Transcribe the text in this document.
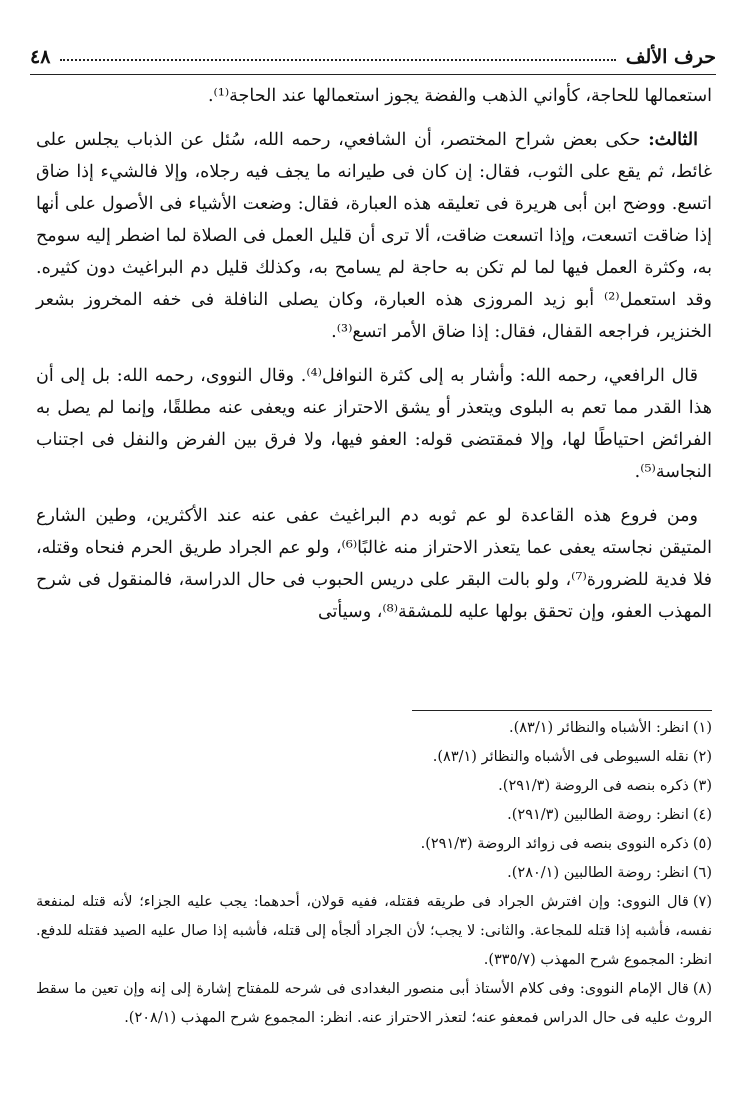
حرف الألف
٤٨

استعمالها للحاجة، كأواني الذهب والفضة يجوز استعمالها عند الحاجة⁽¹⁾.

الثالث: حكى بعض شراح المختصر، أن الشافعي، رحمه الله، سُئل عن الذباب يجلس على غائط، ثم يقع على الثوب، فقال: إن كان فى طيرانه ما يجف فيه رجلاه، وإلا فالشيء إذا ضاق اتسع. ووضح ابن أبى هريرة فى تعليقه هذه العبارة، فقال: وضعت الأشياء فى الأصول على أنها إذا ضاقت اتسعت، وإذا اتسعت ضاقت، ألا ترى أن قليل العمل فى الصلاة لما اضطر إليه سومح به، وكثرة العمل فيها لما لم تكن به حاجة لم يسامح به، وكذلك قليل دم البراغيث دون كثيره. وقد استعمل⁽²⁾ أبو زيد المروزى هذه العبارة، وكان يصلى النافلة فى خفه المخروز بشعر الخنزير، فراجعه القفال، فقال: إذا ضاق الأمر اتسع⁽³⁾.

قال الرافعي، رحمه الله: وأشار به إلى كثرة النوافل⁽⁴⁾. وقال النووى، رحمه الله: بل إلى أن هذا القدر مما تعم به البلوى ويتعذر أو يشق الاحتراز عنه ويعفى عنه مطلقًا، وإنما لم يصل به الفرائض احتياطًا لها، وإلا فمقتضى قوله: العفو فيها، ولا فرق بين الفرض والنفل فى اجتناب النجاسة⁽⁵⁾.

ومن فروع هذه القاعدة لو عم ثوبه دم البراغيث عفى عنه عند الأكثرين، وطين الشارع المتيقن نجاسته يعفى عما يتعذر الاحتراز منه غالبًا⁽⁶⁾، ولو عم الجراد طريق الحرم فنحاه وقتله، فلا فدية للضرورة⁽⁷⁾، ولو بالت البقر على دريس الحبوب فى حال الدراسة، فالمنقول فى شرح المهذب العفو، وإن تحقق بولها عليه للمشقة⁽⁸⁾، وسيأتى

(١)انظر: الأشباه والنظائر (٨٣/١).

(٢)نقله السيوطى فى الأشباه والنظائر (٨٣/١).

(٣)ذكره بنصه فى الروضة (٢٩١/٣).

(٤)انظر: روضة الطالبين (٢٩١/٣).

(٥)ذكره النووى بنصه فى زوائد الروضة (٢٩١/٣).

(٦)انظر: روضة الطالبين (٢٨٠/١).

(٧)قال النووى: وإن افترش الجراد فى طريقه فقتله، ففيه قولان، أحدهما: يجب عليه الجزاء؛ لأنه قتله لمنفعة نفسه، فأشبه إذا قتله للمجاعة. والثانى: لا يجب؛ لأن الجراد ألجأه إلى قتله، فأشبه إذا صال عليه الصيد فقتله للدفع. انظر: المجموع شرح المهذب (٣٣٥/٧).

(٨)قال الإمام النووى: وفى كلام الأستاذ أبى منصور البغدادى فى شرحه للمفتاح إشارة إلى إنه وإن تعين ما سقط الروث عليه فى حال الدراس فمعفو عنه؛ لتعذر الاحتراز عنه. انظر: المجموع شرح المهذب (٢٠٨/١).
